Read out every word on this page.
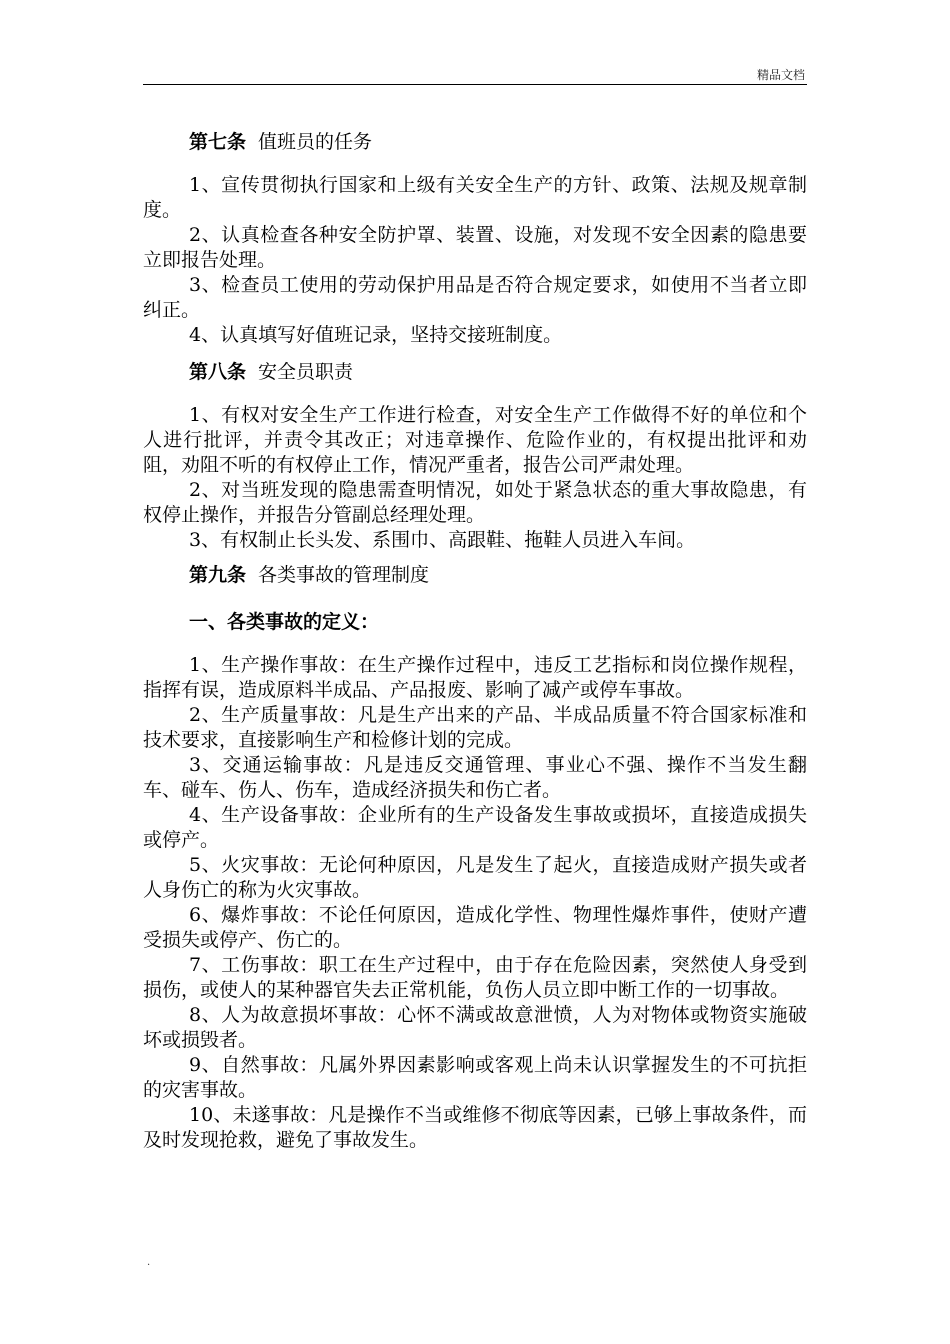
精品文档
第七条 值班员的任务

1、宣传贯彻执行国家和上级有关安全生产的方针、政策、法规及规章制度。

2、认真检查各种安全防护罩、装置、设施，对发现不安全因素的隐患要立即报告处理。

3、检查员工使用的劳动保护用品是否符合规定要求，如使用不当者立即纠正。

4、认真填写好值班记录，坚持交接班制度。

第八条 安全员职责

1、有权对安全生产工作进行检查，对安全生产工作做得不好的单位和个人进行批评，并责令其改正；对违章操作、危险作业的，有权提出批评和劝阻，劝阻不听的有权停止工作，情况严重者，报告公司严肃处理。

2、对当班发现的隐患需查明情况，如处于紧急状态的重大事故隐患，有权停止操作，并报告分管副总经理处理。

3、有权制止长头发、系围巾、高跟鞋、拖鞋人员进入车间。

第九条 各类事故的管理制度
一、各类事故的定义：

1、生产操作事故：在生产操作过程中，违反工艺指标和岗位操作规程，指挥有误，造成原料半成品、产品报废、影响了减产或停车事故。

2、生产质量事故：凡是生产出来的产品、半成品质量不符合国家标准和技术要求，直接影响生产和检修计划的完成。

3、交通运输事故：凡是违反交通管理、事业心不强、操作不当发生翻车、碰车、伤人、伤车，造成经济损失和伤亡者。

4、生产设备事故：企业所有的生产设备发生事故或损坏，直接造成损失或停产。

5、火灾事故：无论何种原因，凡是发生了起火，直接造成财产损失或者人身伤亡的称为火灾事故。

6、爆炸事故：不论任何原因，造成化学性、物理性爆炸事件，使财产遭受损失或停产、伤亡的。

7、工伤事故：职工在生产过程中，由于存在危险因素，突然使人身受到损伤，或使人的某种器官失去正常机能，负伤人员立即中断工作的一切事故。

8、人为故意损坏事故：心怀不满或故意泄愤，人为对物体或物资实施破坏或损毁者。

9、自然事故：凡属外界因素影响或客观上尚未认识掌握发生的不可抗拒的灾害事故。

10、未遂事故：凡是操作不当或维修不彻底等因素，已够上事故条件，而及时发现抢救，避免了事故发生。

.
